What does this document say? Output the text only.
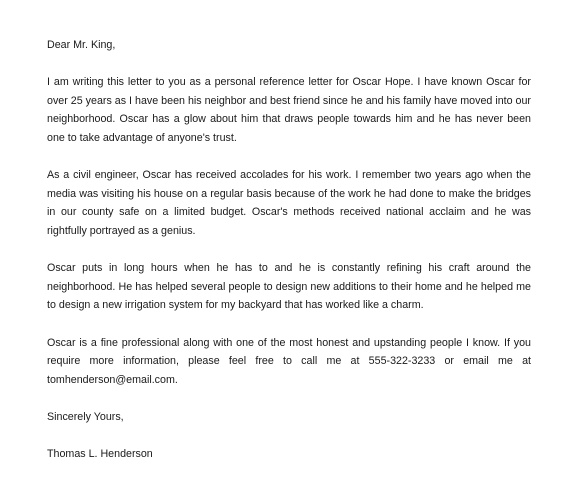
Dear Mr. King,
I am writing this letter to you as a personal reference letter for Oscar Hope. I have known Oscar for
over 25 years as I have been his neighbor and best friend since he and his family have moved into our
neighborhood. Oscar has a glow about him that draws people towards him and he has never been
one to take advantage of anyone's trust.
As a civil engineer, Oscar has received accolades for his work. I remember two years ago when the
media was visiting his house on a regular basis because of the work he had done to make the bridges
in our county safe on a limited budget. Oscar's methods received national acclaim and he was
rightfully portrayed as a genius.
Oscar puts in long hours when he has to and he is constantly refining his craft around the
neighborhood. He has helped several people to design new additions to their home and he helped me
to design a new irrigation system for my backyard that has worked like a charm.
Oscar is a fine professional along with one of the most honest and upstanding people I know. If you
require more information, please feel free to call me at 555-322-3233 or email me at
tomhenderson@email.com.
Sincerely Yours,
Thomas L. Henderson
